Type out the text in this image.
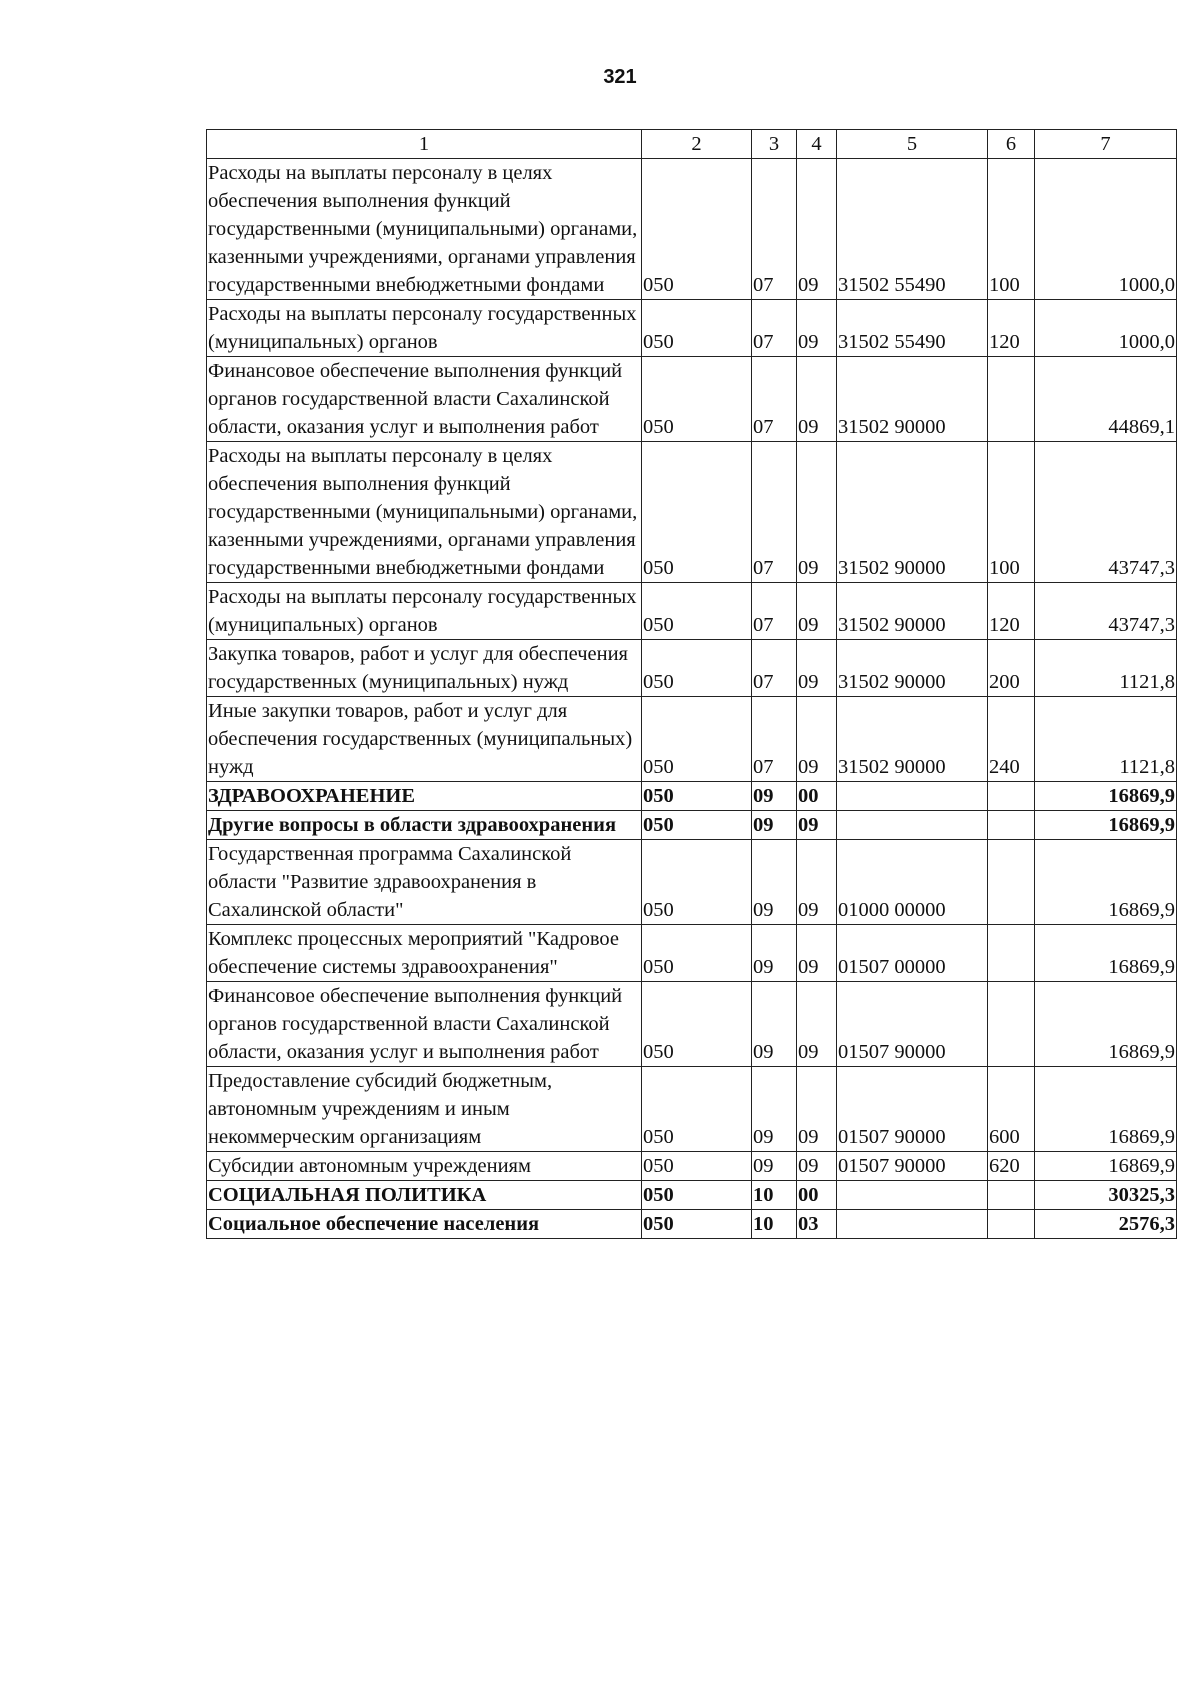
321
1	2	3	4	5	6	7
Расходы на выплаты персоналу в целях обеспечения выполнения функций государственными (муниципальными) органами, казенными учреждениями, органами управления государственными внебюджетными фондами	050	07	09	31502 55490	100	1000,0
Расходы на выплаты персоналу государственных (муниципальных) органов	050	07	09	31502 55490	120	1000,0
Финансовое обеспечение выполнения функций органов государственной власти Сахалинской области, оказания услуг и выполнения работ	050	07	09	31502 90000		44869,1
Расходы на выплаты персоналу в целях обеспечения выполнения функций государственными (муниципальными) органами, казенными учреждениями, органами управления государственными внебюджетными фондами	050	07	09	31502 90000	100	43747,3
Расходы на выплаты персоналу государственных (муниципальных) органов	050	07	09	31502 90000	120	43747,3
Закупка товаров, работ и услуг для обеспечения государственных (муниципальных) нужд	050	07	09	31502 90000	200	1121,8
Иные закупки товаров, работ и услуг для обеспечения государственных (муниципальных) нужд	050	07	09	31502 90000	240	1121,8
ЗДРАВООХРАНЕНИЕ	050	09	00			16869,9
Другие вопросы в области здравоохранения	050	09	09			16869,9
Государственная программа Сахалинской области "Развитие здравоохранения в Сахалинской области"	050	09	09	01000 00000		16869,9
Комплекс процессных мероприятий "Кадровое обеспечение системы здравоохранения"	050	09	09	01507 00000		16869,9
Финансовое обеспечение выполнения функций органов государственной власти Сахалинской области, оказания услуг и выполнения работ	050	09	09	01507 90000		16869,9
Предоставление субсидий бюджетным, автономным учреждениям и иным некоммерческим организациям	050	09	09	01507 90000	600	16869,9
Субсидии автономным учреждениям	050	09	09	01507 90000	620	16869,9
СОЦИАЛЬНАЯ ПОЛИТИКА	050	10	00			30325,3
Социальное обеспечение населения	050	10	03			2576,3
